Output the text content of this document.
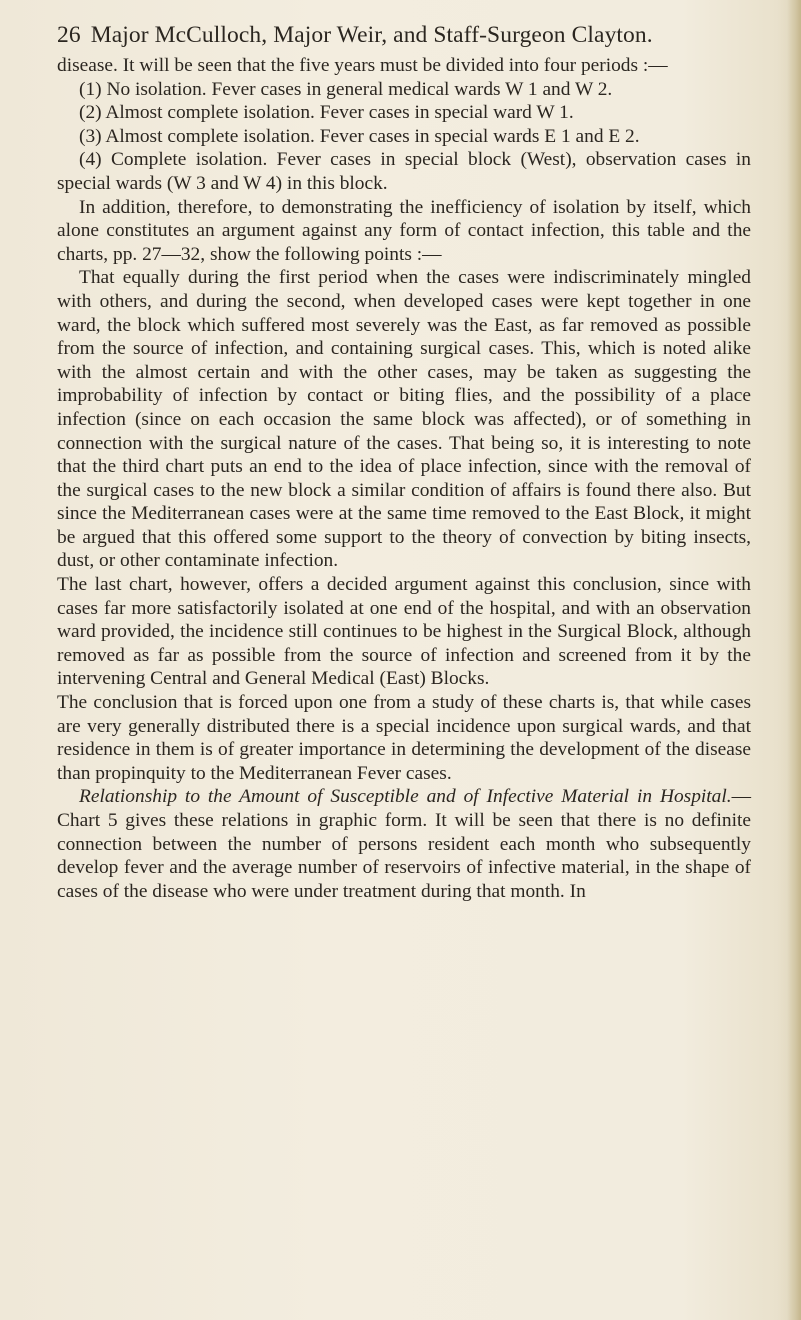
26 Major McCulloch, Major Weir, and Staff-Surgeon Clayton.

disease. It will be seen that the five years must be divided into four periods :—

(1) No isolation. Fever cases in general medical wards W 1 and W 2.

(2) Almost complete isolation. Fever cases in special ward W 1.

(3) Almost complete isolation. Fever cases in special wards E 1 and E 2.

(4) Complete isolation. Fever cases in special block (West), observation cases in special wards (W 3 and W 4) in this block.

In addition, therefore, to demonstrating the inefficiency of isolation by itself, which alone constitutes an argument against any form of contact infection, this table and the charts, pp. 27—32, show the following points :—

That equally during the first period when the cases were indiscriminately mingled with others, and during the second, when developed cases were kept together in one ward, the block which suffered most severely was the East, as far removed as possible from the source of infection, and containing surgical cases. This, which is noted alike with the almost certain and with the other cases, may be taken as suggesting the improbability of infection by contact or biting flies, and the possibility of a place infection (since on each occasion the same block was affected), or of something in connection with the surgical nature of the cases. That being so, it is interesting to note that the third chart puts an end to the idea of place infection, since with the removal of the surgical cases to the new block a similar condition of affairs is found there also. But since the Mediterranean cases were at the same time removed to the East Block, it might be argued that this offered some support to the theory of convection by biting insects, dust, or other contaminate infection.

The last chart, however, offers a decided argument against this conclusion, since with cases far more satisfactorily isolated at one end of the hospital, and with an observation ward provided, the incidence still continues to be highest in the Surgical Block, although removed as far as possible from the source of infection and screened from it by the intervening Central and General Medical (East) Blocks.

The conclusion that is forced upon one from a study of these charts is, that while cases are very generally distributed there is a special incidence upon surgical wards, and that residence in them is of greater importance in determining the development of the disease than propinquity to the Mediterranean Fever cases.

Relationship to the Amount of Susceptible and of Infective Material in Hospital.—Chart 5 gives these relations in graphic form. It will be seen that there is no definite connection between the number of persons resident each month who subsequently develop fever and the average number of reservoirs of infective material, in the shape of cases of the disease who were under treatment during that month. In
